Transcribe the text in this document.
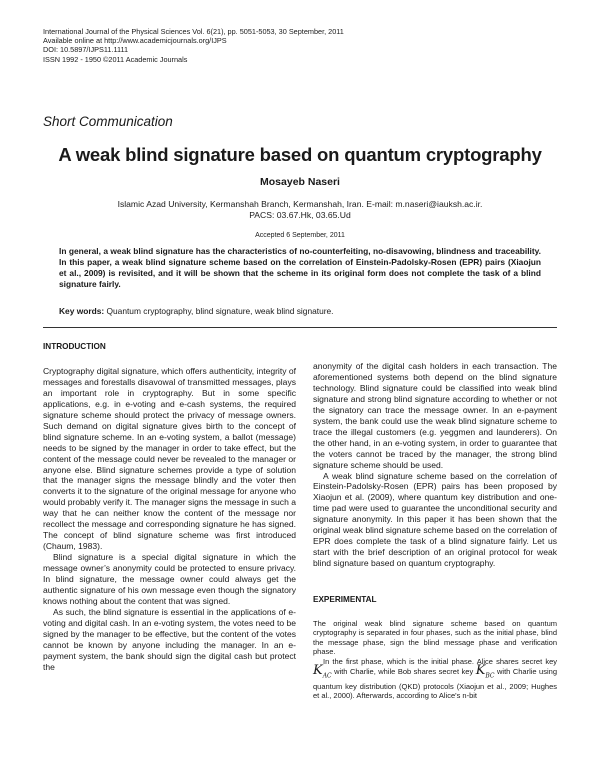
International Journal of the Physical Sciences Vol. 6(21), pp. 5051-5053, 30 September, 2011
Available online at http://www.academicjournals.org/IJPS
DOI: 10.5897/IJPS11.1111
ISSN 1992 - 1950 ©2011 Academic Journals
Short Communication
A weak blind signature based on quantum cryptography
Mosayeb Naseri
Islamic Azad University, Kermanshah Branch, Kermanshah, Iran. E-mail: m.naseri@iauksh.ac.ir.
PACS: 03.67.Hk, 03.65.Ud
Accepted 6 September, 2011
In general, a weak blind signature has the characteristics of no-counterfeiting, no-disavowing, blindness and traceability. In this paper, a weak blind signature scheme based on the correlation of Einstein-Padolsky-Rosen (EPR) pairs (Xiaojun et al., 2009) is revisited, and it will be shown that the scheme in its original form does not complete the task of a blind signature fairly.
Key words: Quantum cryptography, blind signature, weak blind signature.
INTRODUCTION

Cryptography digital signature, which offers authenticity, integrity of messages and forestalls disavowal of transmitted messages, plays an important role in cryptography. But in some specific applications, e.g. in e-voting and e-cash systems, the required signature scheme should protect the privacy of message owners. Such demand on digital signature gives birth to the concept of blind signature scheme. In an e-voting system, a ballot (message) needs to be signed by the manager in order to take effect, but the content of the message could never be revealed to the manager or anyone else. Blind signature schemes provide a type of solution that the manager signs the message blindly and the voter then converts it to the signature of the original message for anyone who would probably verify it. The manager signs the message in such a way that he can neither know the content of the message nor recollect the message and corresponding signature he has signed. The concept of blind signature scheme was first introduced (Chaum, 1983).

Blind signature is a special digital signature in which the message owner’s anonymity could be protected to ensure privacy. In blind signature, the message owner could always get the authentic signature of his own message even though the signatory knows nothing about the content that was signed.

As such, the blind signature is essential in the applications of e-voting and digital cash. In an e-voting system, the votes need to be signed by the manager to be effective, but the content of the votes cannot be known by anyone including the manager. In an e-payment system, the bank should sign the digital cash but protect the

anonymity of the digital cash holders in each transaction. The aforementioned systems both depend on the blind signature technology. Blind signature could be classified into weak blind signature and strong blind signature according to whether or not the signatory can trace the message owner. In an e-payment system, the bank could use the weak blind signature scheme to trace the illegal customers (e.g. yeggmen and launderers). On the other hand, in an e-voting system, in order to guarantee that the voters cannot be traced by the manager, the strong blind signature scheme should be used.

A weak blind signature scheme based on the correlation of Einstein-Padolsky-Rosen (EPR) pairs has been proposed by Xiaojun et al. (2009), where quantum key distribution and one-time pad were used to guarantee the unconditional security and signature anonymity. In this paper it has been shown that the original weak blind signature scheme based on the correlation of EPR does complete the task of a blind signature fairly. Let us start with the brief description of an original protocol for weak blind signature based on quantum cryptography.

EXPERIMENTAL

The original weak blind signature scheme based on quantum cryptography is separated in four phases, such as the initial phase, blind the message phase, sign the blind message phase and verification phase.

In the first phase, which is the initial phase. Alice shares secret key $K_{AC}$ with Charlie, while Bob shares secret key $K_{BC}$ with Charlie using quantum key distribution (QKD) protocols (Xiaojun et al., 2009; Hughes et al., 2000). Afterwards, according to Alice's n-bit
